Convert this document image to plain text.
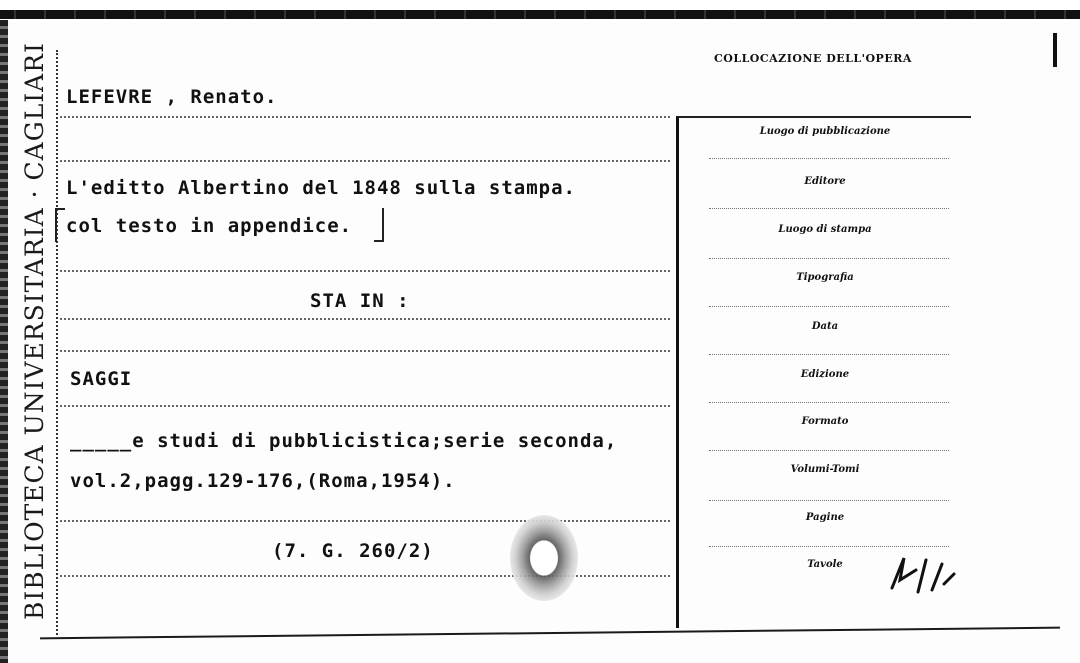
BIBLIOTECA UNIVERSITARIA · CAGLIARI LEFEVRE , Renato.
L'editto Albertino del 1848 sulla stampa.
col testo in appendice.
STA IN :
SAGGI
_____e studi di pubblicistica;serie seconda,
vol.2,pagg.129-176,(Roma,1954).
(7. G. 260/2)
COLLOCAZIONE DELL'OPERA
Luogo di pubblicazione
Editore
Luogo di stampa
Tipografia
Data
Edizione
Formato
Volumi-Tomi
Pagine
Tavole
